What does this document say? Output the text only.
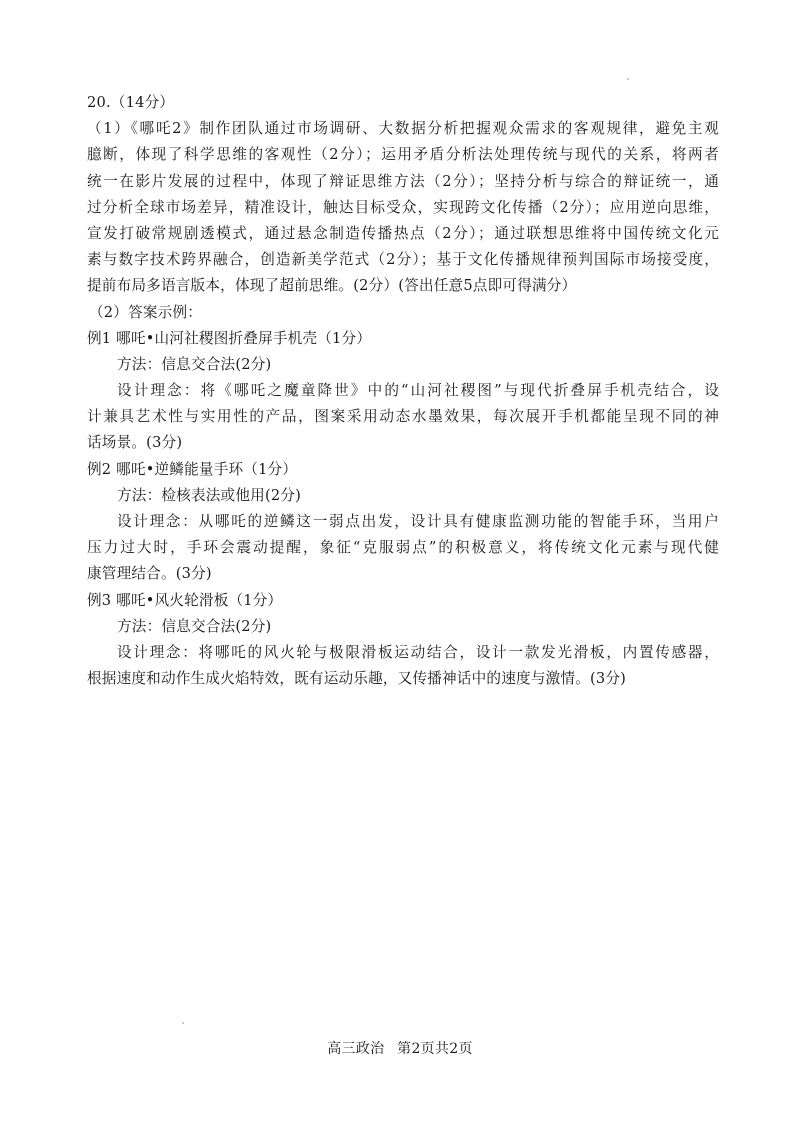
20.（14分）
（1）《哪吒2》制作团队通过市场调研、大数据分析把握观众需求的客观规律，避免主观
臆断，体现了科学思维的客观性（2分）；运用矛盾分析法处理传统与现代的关系，将两者
统一在影片发展的过程中，体现了辩证思维方法（2分）；坚持分析与综合的辩证统一，通
过分析全球市场差异，精准设计，触达目标受众，实现跨文化传播（2分）；应用逆向思维，
宣发打破常规剧透模式，通过悬念制造传播热点（2分）；通过联想思维将中国传统文化元
素与数字技术跨界融合，创造新美学范式（2分）；基于文化传播规律预判国际市场接受度，
提前布局多语言版本，体现了超前思维。(2分）(答出任意5点即可得满分）
（2）答案示例：
例1 哪吒•山河社稷图折叠屏手机壳（1分）
方法：信息交合法(2分)
设计理念：将《哪吒之魔童降世》中的“山河社稷图”与现代折叠屏手机壳结合，设
计兼具艺术性与实用性的产品，图案采用动态水墨效果，每次展开手机都能呈现不同的神
话场景。(3分)
例2 哪吒•逆鳞能量手环（1分）
方法：检核表法或他用(2分)
设计理念：从哪吒的逆鳞这一弱点出发，设计具有健康监测功能的智能手环，当用户
压力过大时，手环会震动提醒，象征“克服弱点”的积极意义，将传统文化元素与现代健
康管理结合。(3分)
例3 哪吒•风火轮滑板（1分）
方法：信息交合法(2分)
设计理念：将哪吒的风火轮与极限滑板运动结合，设计一款发光滑板，内置传感器，
根据速度和动作生成火焰特效，既有运动乐趣，又传播神话中的速度与激情。(3分)
高三政治 第2页共2页
